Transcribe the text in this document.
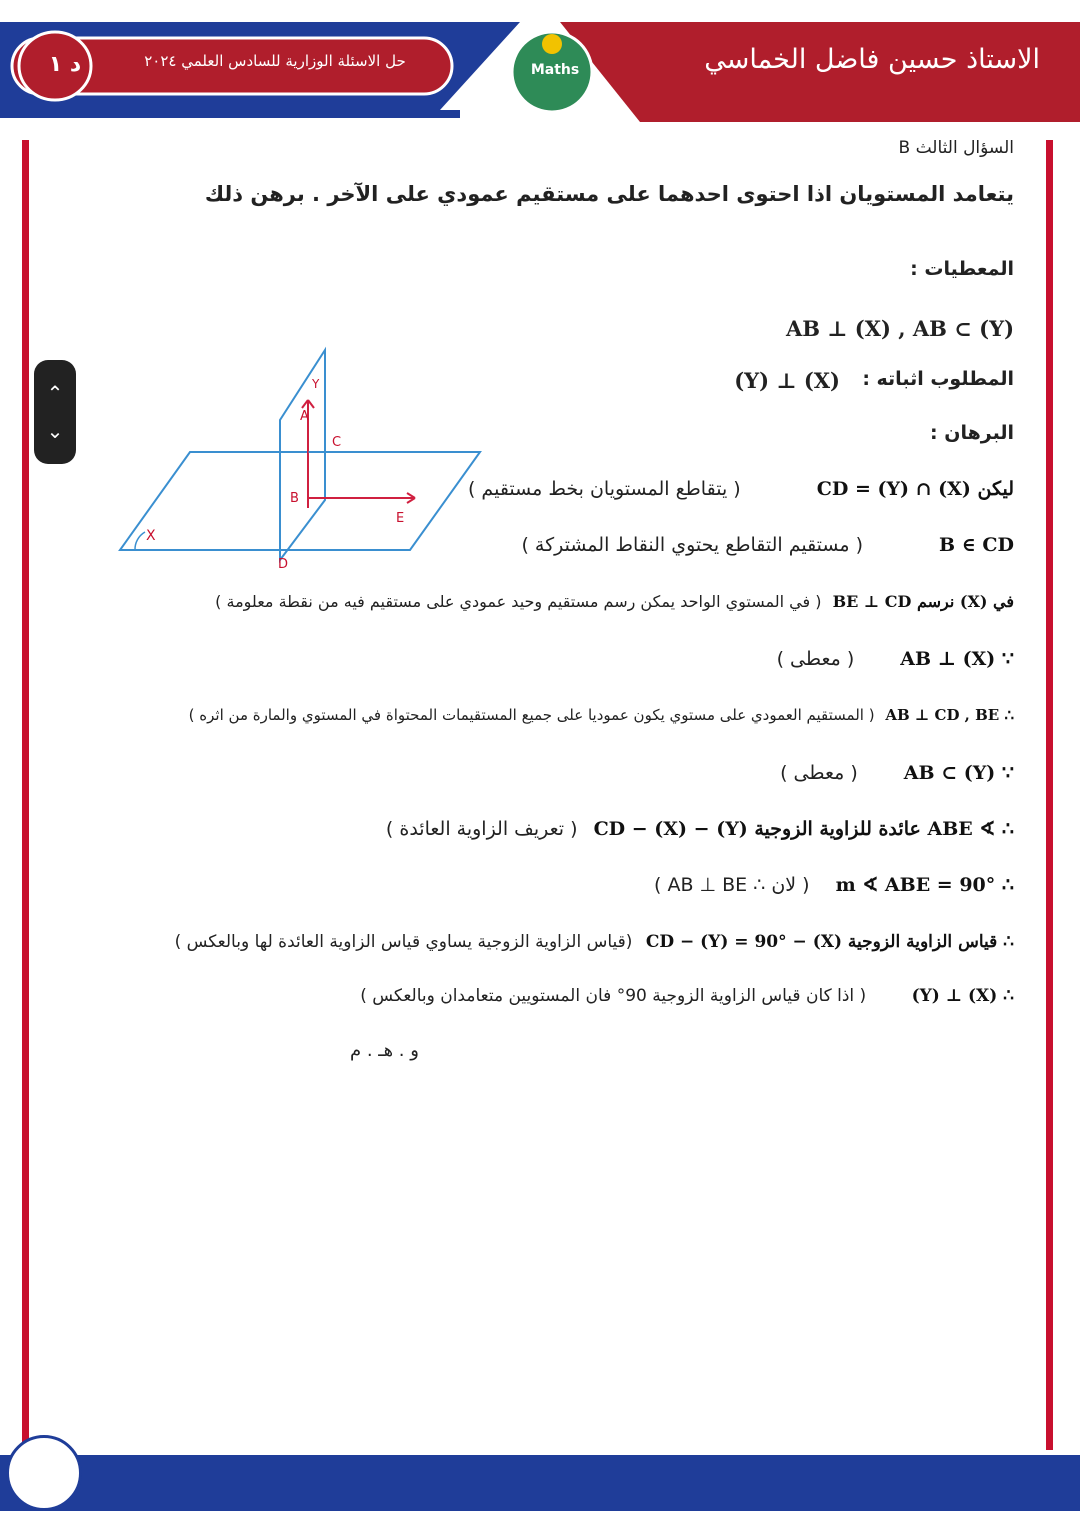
د ١	حل الاسئلة الوزارية للسادس العلمي ٢٠٢٤	الاستاذ حسين فاضل الخماسي
Maths
⌃
⌄
السؤال الثالث B
يتعامد المستويان اذا احتوى احدهما على مستقيم عمودي على الآخر . برهن ذلك
المعطيات :
AB ⊥ (X) , AB ⊂ (Y)
المطلوب اثباته :
(Y) ⊥ (X)
البرهان :
ليكن CD = (Y) ∩ (X) ( يتقاطع المستويان بخط مستقيم )
B ∈ CD ( مستقيم التقاطع يحتوي النقاط المشتركة )
في (X) نرسم BE ⊥ CD ( في المستوي الواحد يمكن رسم مستقيم وحيد عمودي على مستقيم فيه من نقطة معلومة )
∵ AB ⊥ (X) ( معطى )
∴ AB ⊥ CD , BE ( المستقيم العمودي على مستوي يكون عموديا على جميع المستقيمات المحتواة في المستوي والمارة من اثره )
∵ AB ⊂ (Y) ( معطى )
∴ ∢ ABE عائدة للزاوية الزوجية (Y) − CD − (X) ( تعريف الزاوية العائدة )
∴ m ∢ ABE = 90° ( لان ∴ AB ⊥ BE )
∴ قياس الزاوية الزوجية (X) − CD − (Y) = 90° (قياس الزاوية الزوجية يساوي قياس الزاوية العائدة لها وبالعكس )
∴ (X) ⊥ (Y) ( اذا كان قياس الزاوية الزوجية 90° فان المستويين متعامدان وبالعكس )
و . هـ . م
X
Y
A
C
B
E
D
